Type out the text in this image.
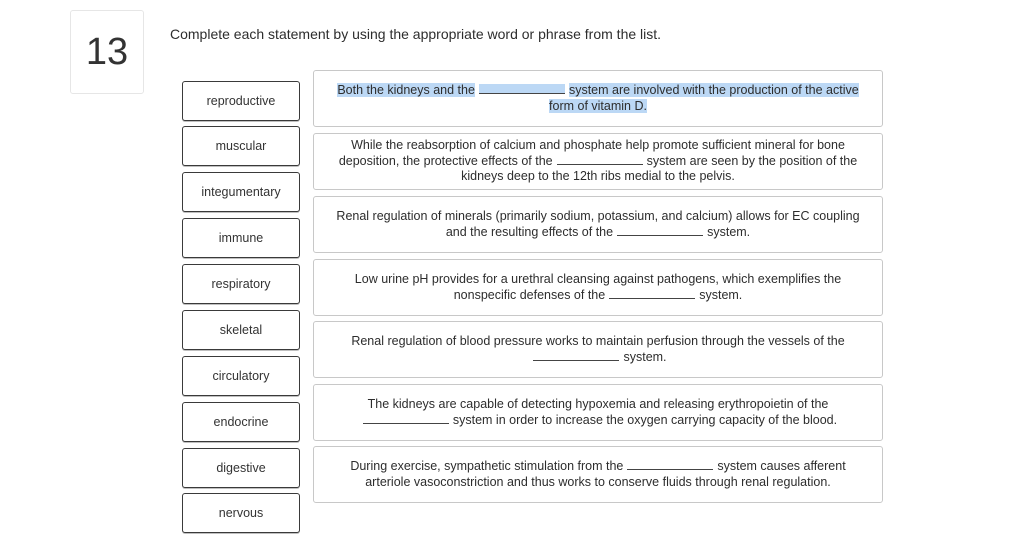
13	Complete each statement by using the appropriate word or phrase from the list.
reproductive
muscular
integumentary
immune
respiratory
skeletal
circulatory
endocrine
digestive
nervous
Both the kidneys and the	system are involved with the production of the active form of vitamin D.
While the reabsorption of calcium and phosphate help promote sufficient mineral for bone deposition, the protective effects of the	system are seen by the position of the kidneys deep to the 12th ribs medial to the pelvis.
Renal regulation of minerals (primarily sodium, potassium, and calcium) allows for EC coupling and the resulting effects of the	system.
Low urine pH provides for a urethral cleansing against pathogens, which exemplifies the nonspecific defenses of the	system.
Renal regulation of blood pressure works to maintain perfusion through the vessels of thesystem.
The kidneys are capable of detecting hypoxemia and releasing erythropoietin of thesystem in order to increase the oxygen carrying capacity of the blood.
During exercise, sympathetic stimulation from the	system causes afferent arteriole vasoconstriction and thus works to conserve fluids through renal regulation.
